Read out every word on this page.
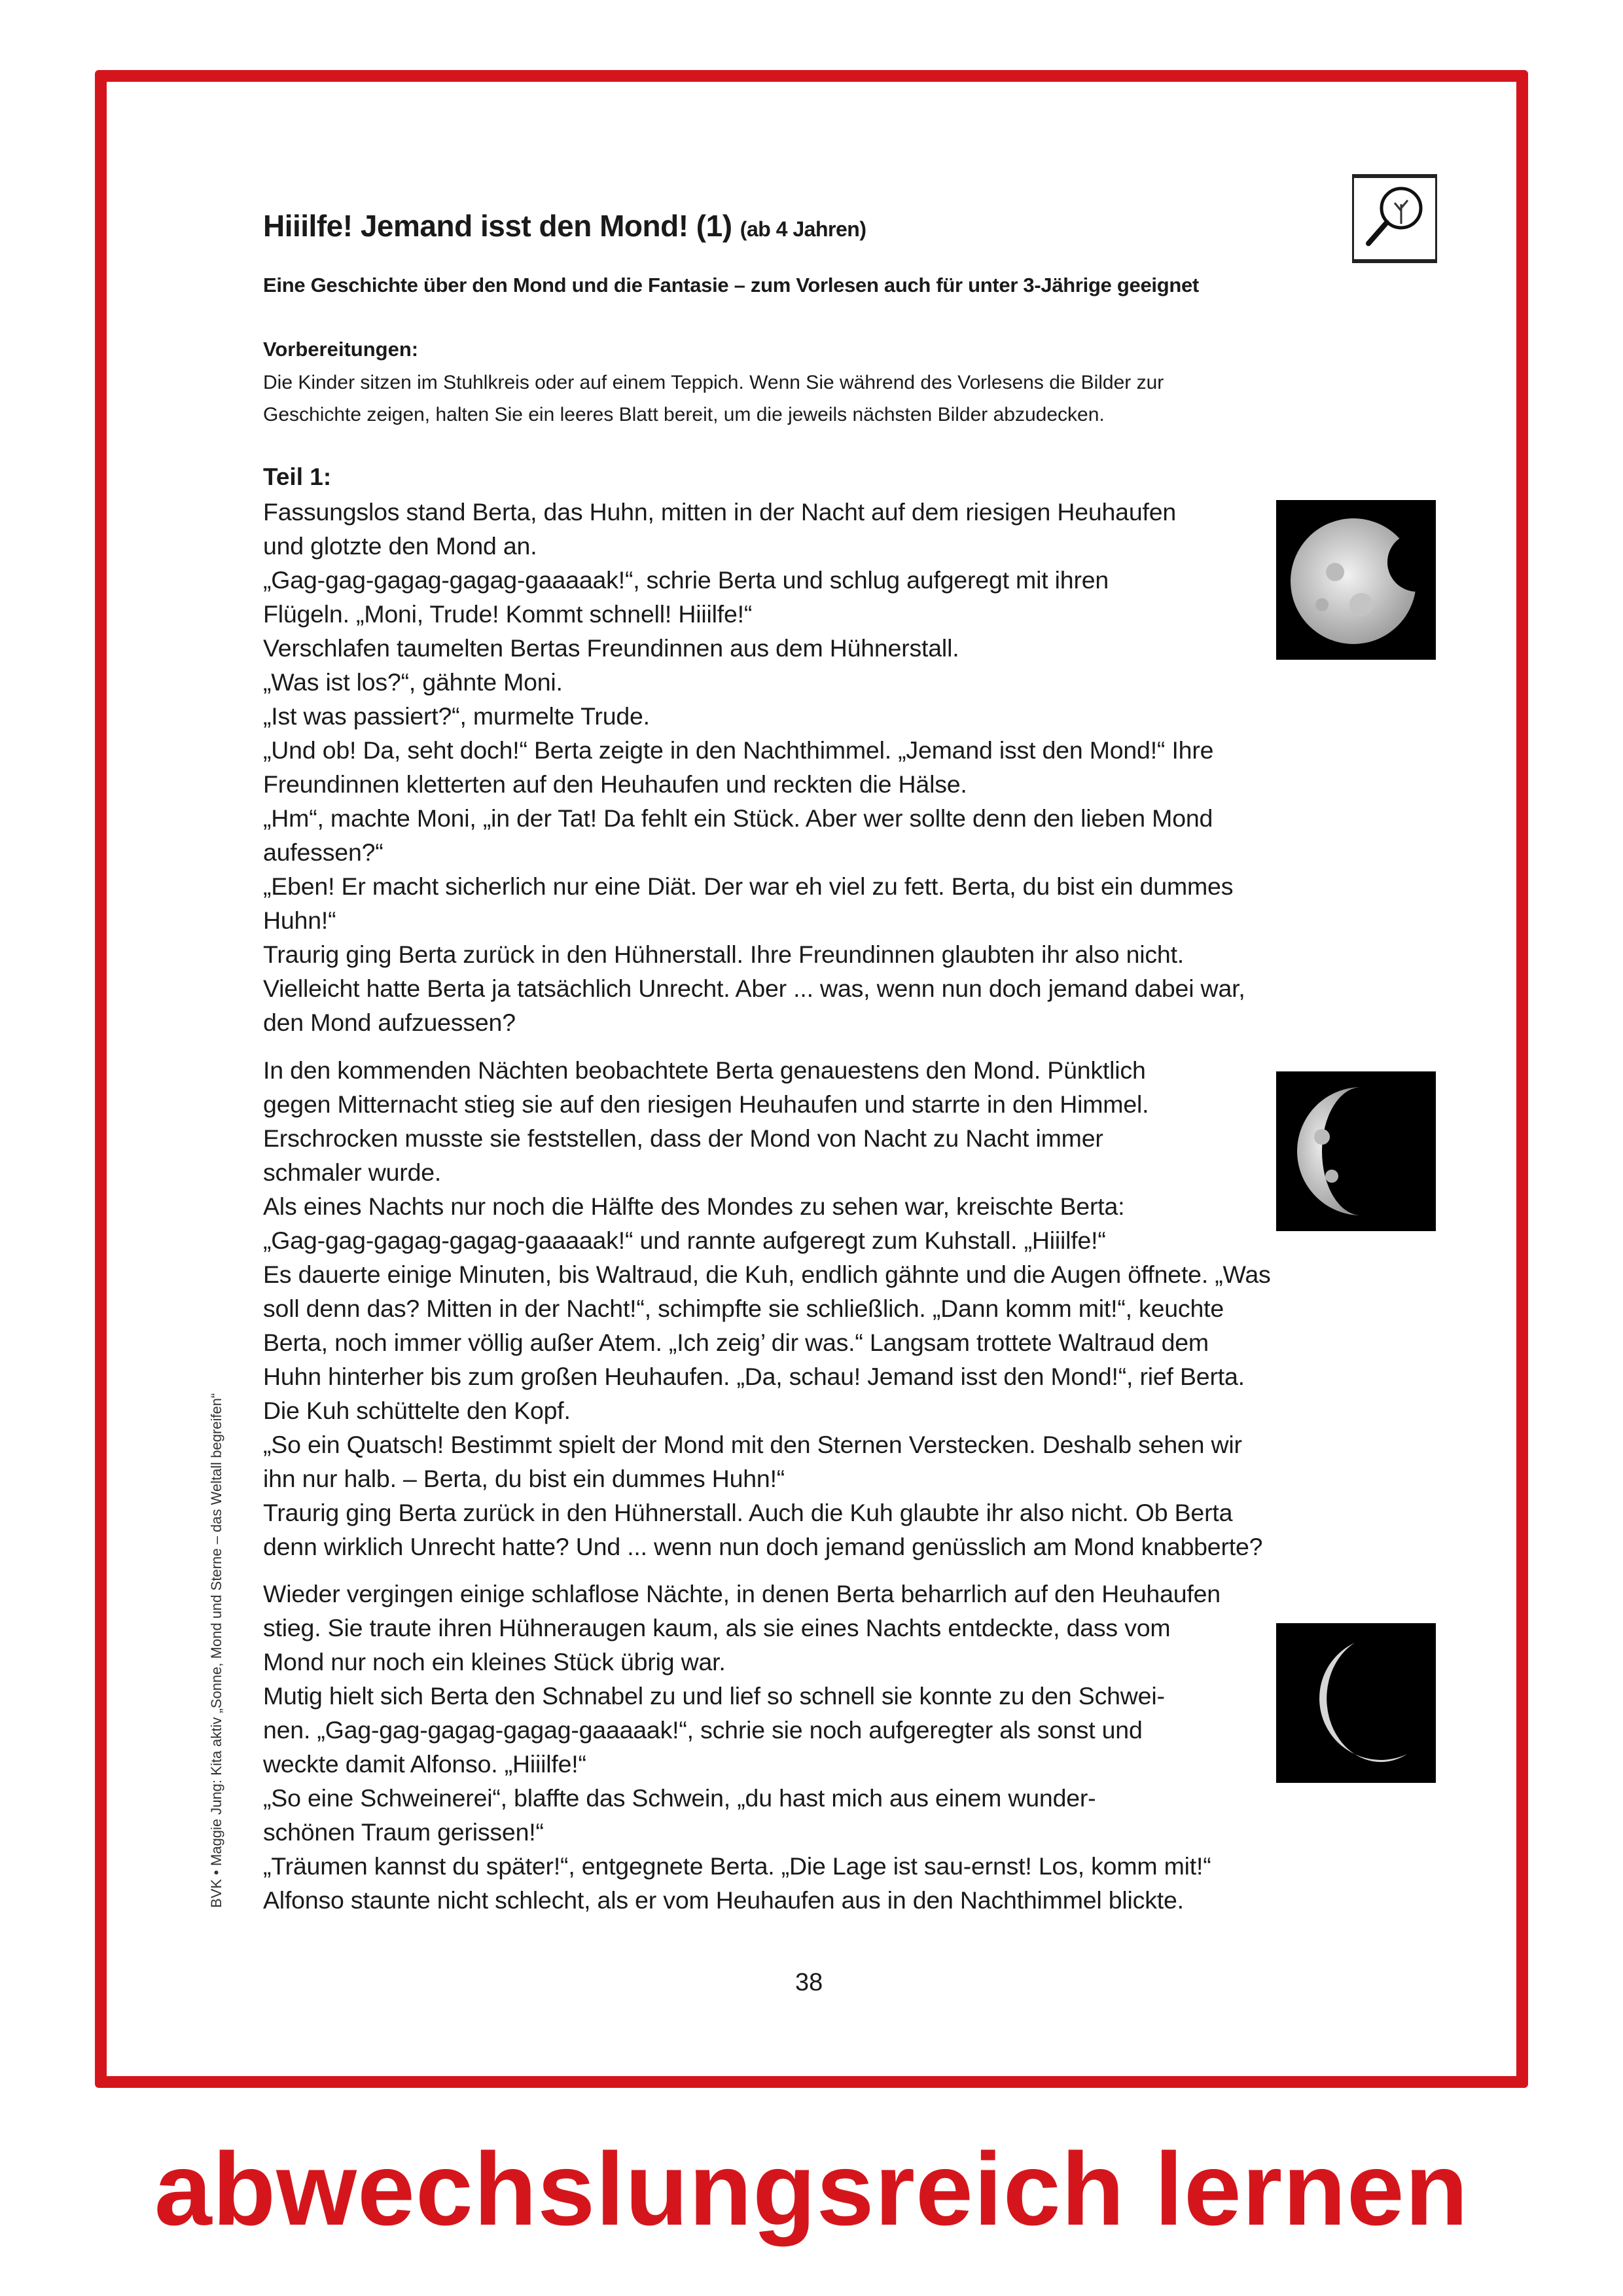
Hiiilfe! Jemand isst den Mond! (1) (ab 4 Jahren)
Eine Geschichte über den Mond und die Fantasie – zum Vorlesen auch für unter 3-Jährige geeignet
Vorbereitungen:
Die Kinder sitzen im Stuhlkreis oder auf einem Teppich. Wenn Sie während des Vorlesens die Bilder zur
Geschichte zeigen, halten Sie ein leeres Blatt bereit, um die jeweils nächsten Bilder abzudecken.
Teil 1:
Fassungslos stand Berta, das Huhn, mitten in der Nacht auf dem riesigen Heuhaufen
und glotzte den Mond an.
„Gag-gag-gagag-gagag-gaaaaak!“, schrie Berta und schlug aufgeregt mit ihren
Flügeln. „Moni, Trude! Kommt schnell! Hiiilfe!“
Verschlafen taumelten Bertas Freundinnen aus dem Hühnerstall.
„Was ist los?“, gähnte Moni.
„Ist was passiert?“, murmelte Trude.
„Und ob! Da, seht doch!“ Berta zeigte in den Nachthimmel. „Jemand isst den Mond!“ Ihre
Freundinnen kletterten auf den Heuhaufen und reckten die Hälse.
„Hm“, machte Moni, „in der Tat! Da fehlt ein Stück. Aber wer sollte denn den lieben Mond
aufessen?“
„Eben! Er macht sicherlich nur eine Diät. Der war eh viel zu fett. Berta, du bist ein dummes
Huhn!“
Traurig ging Berta zurück in den Hühnerstall. Ihre Freundinnen glaubten ihr also nicht.
Vielleicht hatte Berta ja tatsächlich Unrecht. Aber ... was, wenn nun doch jemand dabei war,
den Mond aufzuessen?
In den kommenden Nächten beobachtete Berta genauestens den Mond. Pünktlich
gegen Mitternacht stieg sie auf den riesigen Heuhaufen und starrte in den Himmel.
Erschrocken musste sie feststellen, dass der Mond von Nacht zu Nacht immer
schmaler wurde.
Als eines Nachts nur noch die Hälfte des Mondes zu sehen war, kreischte Berta:
„Gag-gag-gagag-gagag-gaaaaak!“ und rannte aufgeregt zum Kuhstall. „Hiiilfe!“
Es dauerte einige Minuten, bis Waltraud, die Kuh, endlich gähnte und die Augen öffnete. „Was
soll denn das? Mitten in der Nacht!“, schimpfte sie schließlich. „Dann komm mit!“, keuchte
Berta, noch immer völlig außer Atem. „Ich zeig’ dir was.“ Langsam trottete Waltraud dem
Huhn hinterher bis zum großen Heuhaufen. „Da, schau! Jemand isst den Mond!“, rief Berta.
Die Kuh schüttelte den Kopf.
„So ein Quatsch! Bestimmt spielt der Mond mit den Sternen Verstecken. Deshalb sehen wir
ihn nur halb. – Berta, du bist ein dummes Huhn!“
Traurig ging Berta zurück in den Hühnerstall. Auch die Kuh glaubte ihr also nicht. Ob Berta
denn wirklich Unrecht hatte? Und ... wenn nun doch jemand genüsslich am Mond knabberte?
Wieder vergingen einige schlaflose Nächte, in denen Berta beharrlich auf den Heuhaufen
stieg. Sie traute ihren Hühneraugen kaum, als sie eines Nachts entdeckte, dass vom
Mond nur noch ein kleines Stück übrig war.
Mutig hielt sich Berta den Schnabel zu und lief so schnell sie konnte zu den Schwei-
nen. „Gag-gag-gagag-gagag-gaaaaak!“, schrie sie noch aufgeregter als sonst und
weckte damit Alfonso. „Hiiilfe!“
„So eine Schweinerei“, blaffte das Schwein, „du hast mich aus einem wunder-
schönen Traum gerissen!“
„Träumen kannst du später!“, entgegnete Berta. „Die Lage ist sau-ernst! Los, komm mit!“
Alfonso staunte nicht schlecht, als er vom Heuhaufen aus in den Nachthimmel blickte.
BVK • Maggie Jung: Kita aktiv „Sonne, Mond und Sterne – das Weltall begreifen“
38
abwechslungsreich lernen
